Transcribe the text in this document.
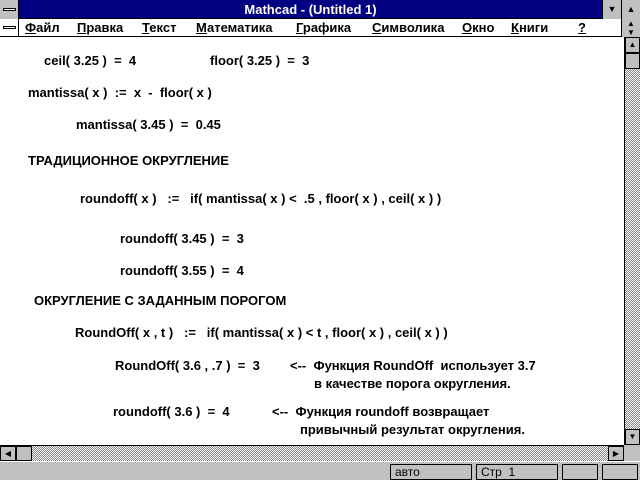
Mathcad - (Untitled 1)	▼	▲
Файл Правка Текст Математика Графика Символика Окно Книги ?	▲
▼
ceil( 3.25 )  =  4	floor( 3.25 )  =  3
mantissa( x )  :=  x  -  floor( x )
mantissa( 3.45 )  =  0.45
ТРАДИЦИОННОЕ ОКРУГЛЕНИЕ
roundoff( x )   :=   if( mantissa( x ) <  .5 , floor( x ) , ceil( x ) )
roundoff( 3.45 )  =  3
roundoff( 3.55 )  =  4
ОКРУГЛЕНИЕ С ЗАДАННЫМ ПОРОГОМ
RoundOff( x , t )   :=   if( mantissa( x ) < t , floor( x ) , ceil( x ) )
RoundOff( 3.6 , .7 )  =  3 <--  Функция RoundOff  использует 3.7
в качестве порога округления.
roundoff( 3.6 )  =  4	<--  Функция roundoff возвращает
привычный результат округления.
▲
▼
◀	▶
авто	Стр 1
